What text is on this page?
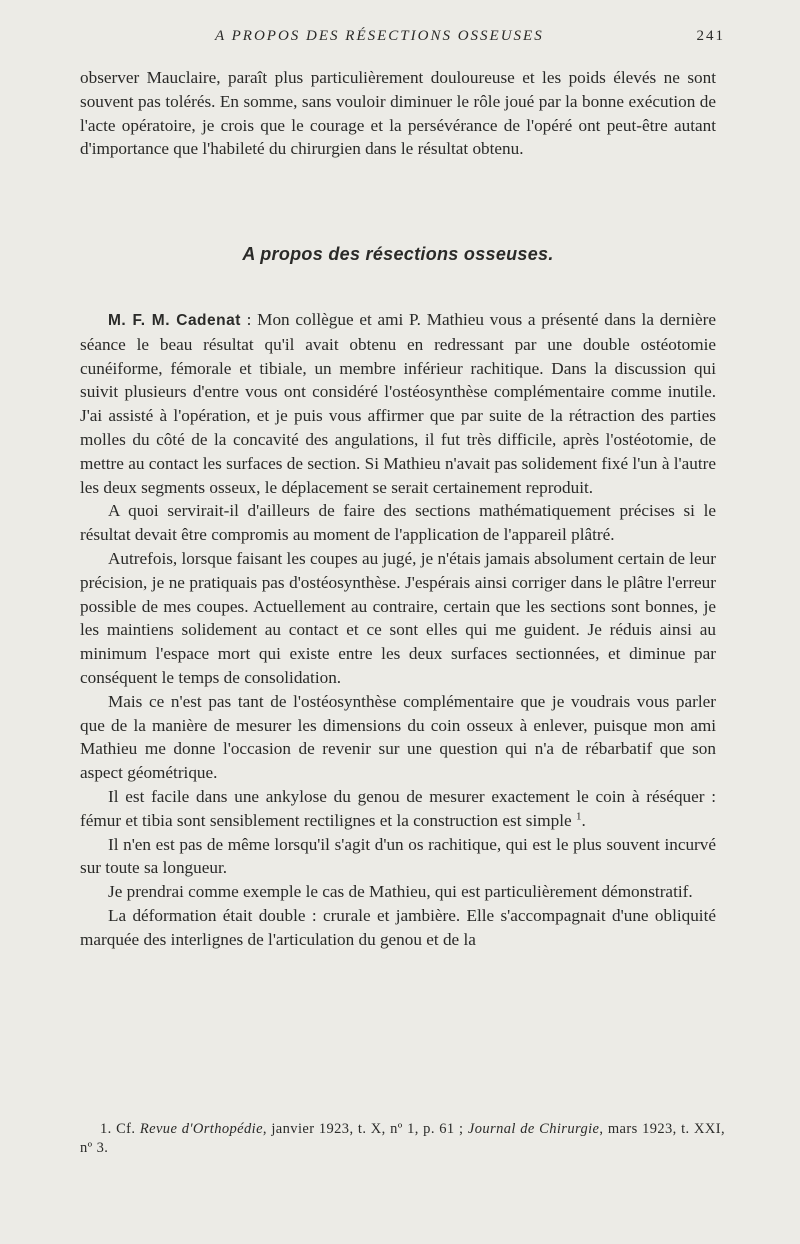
A PROPOS DES RÉSECTIONS OSSEUSES	241

observer Mauclaire, paraît plus particulièrement douloureuse et les poids élevés ne sont souvent pas tolérés. En somme, sans vouloir diminuer le rôle joué par la bonne exécution de l'acte opératoire, je crois que le courage et la persévérance de l'opéré ont peut-être autant d'importance que l'habileté du chirurgien dans le résultat obtenu.

A propos des résections osseuses.

M. F. M. Cadenat : Mon collègue et ami P. Mathieu vous a présenté dans la dernière séance le beau résultat qu'il avait obtenu en redressant par une double ostéotomie cunéiforme, fémorale et tibiale, un membre inférieur rachitique. Dans la discussion qui suivit plusieurs d'entre vous ont considéré l'ostéosynthèse complémentaire comme inutile. J'ai assisté à l'opération, et je puis vous affirmer que par suite de la rétraction des parties molles du côté de la concavité des angulations, il fut très difficile, après l'ostéotomie, de mettre au contact les surfaces de section. Si Mathieu n'avait pas solidement fixé l'un à l'autre les deux segments osseux, le déplacement se serait certainement reproduit.

A quoi servirait-il d'ailleurs de faire des sections mathématiquement précises si le résultat devait être compromis au moment de l'application de l'appareil plâtré.

Autrefois, lorsque faisant les coupes au jugé, je n'étais jamais absolument certain de leur précision, je ne pratiquais pas d'ostéosynthèse. J'espérais ainsi corriger dans le plâtre l'erreur possible de mes coupes. Actuellement au contraire, certain que les sections sont bonnes, je les maintiens solidement au contact et ce sont elles qui me guident. Je réduis ainsi au minimum l'espace mort qui existe entre les deux surfaces sectionnées, et diminue par conséquent le temps de consolidation.

Mais ce n'est pas tant de l'ostéosynthèse complémentaire que je voudrais vous parler que de la manière de mesurer les dimensions du coin osseux à enlever, puisque mon ami Mathieu me donne l'occasion de revenir sur une question qui n'a de rébarbatif que son aspect géométrique.

Il est facile dans une ankylose du genou de mesurer exactement le coin à réséquer : fémur et tibia sont sensiblement rectilignes et la construction est simple $^1$.

Il n'en est pas de même lorsqu'il s'agit d'un os rachitique, qui est le plus souvent incurvé sur toute sa longueur.

Je prendrai comme exemple le cas de Mathieu, qui est particulièrement démonstratif.

La déformation était double : crurale et jambière. Elle s'accompagnait d'une obliquité marquée des interlignes de l'articulation du genou et de la

1. Cf. Revue d'Orthopédie, janvier 1923, t. X, nº 1, p. 61 ; Journal de Chirurgie, mars 1923, t. XXI, nº 3.
